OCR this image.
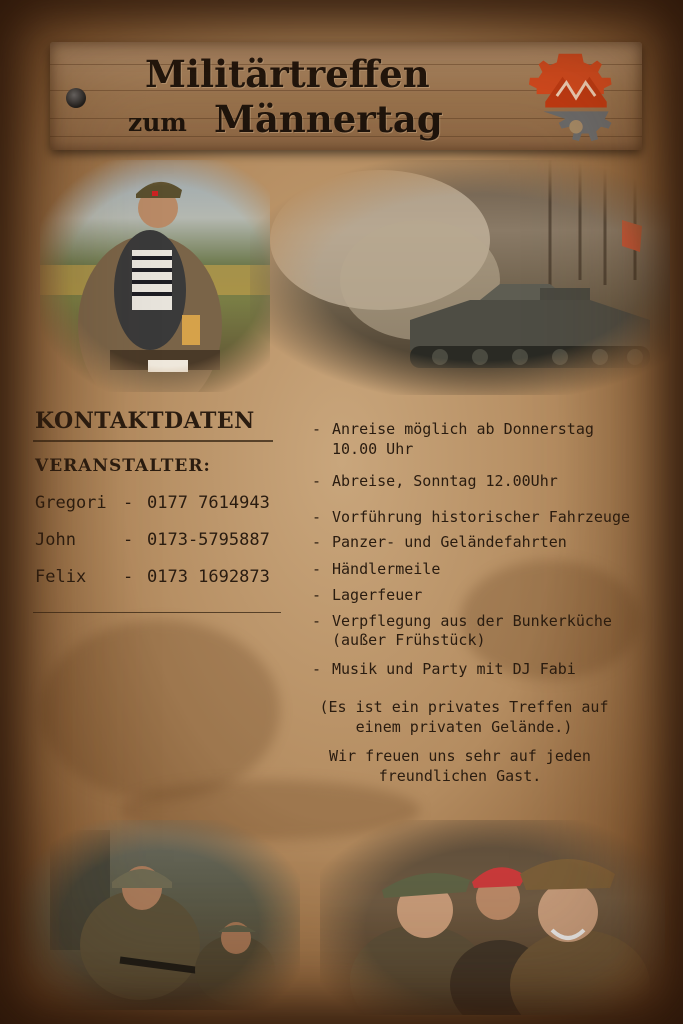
Militärtreffen
zum Männertag
KONTAKTDATEN
VERANSTALTER:
Gregori - 0177 7614943
John	- 0173-5795887
Felix - 0173 1692873
- Anreise möglich ab Donnerstag
10.00 Uhr
- Abreise, Sonntag 12.00Uhr
- Vorführung historischer Fahrzeuge
- Panzer- und Geländefahrten
- Händlermeile
- Lagerfeuer
- Verpflegung aus der Bunkerküche
(außer Frühstück)
- Musik und Party mit DJ Fabi
(Es ist ein privates Treffen auf
einem privaten Gelände.)
Wir freuen uns sehr auf jeden
freundlichen Gast.
